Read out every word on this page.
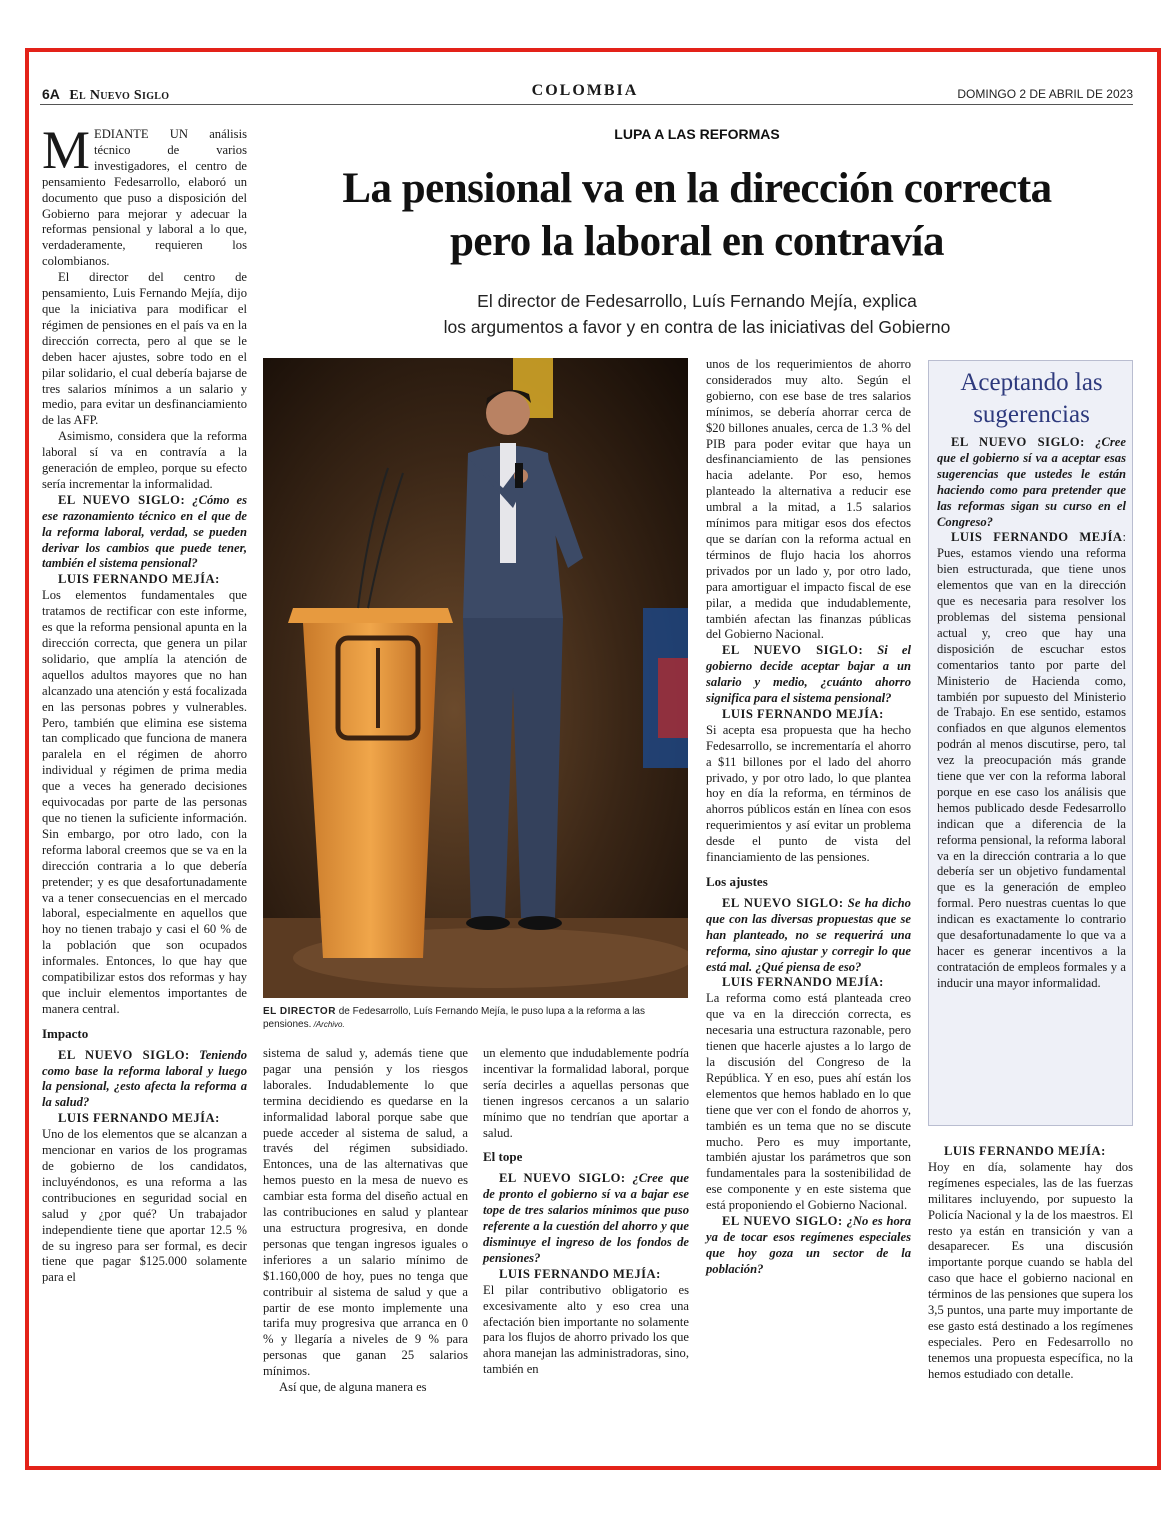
6A El Nuevo Siglo	COLOMBIA	DOMINGO 2 DE ABRIL DE 2023
LUPA A LAS REFORMAS
La pensional va en la dirección correcta
pero la laboral en contravía
El director de Fedesarrollo, Luís Fernando Mejía, explica
los argumentos a favor y en contra de las iniciativas del Gobierno

MEDIANTE UN análisis técnico de varios investigadores, el centro de pensamiento Fedesarrollo, elaboró un documento que puso a disposición del Gobierno para mejorar y adecuar la reformas pensional y laboral a lo que, verdaderamente, requieren los colombianos.

El director del centro de pensamiento, Luis Fernando Mejía, dijo que la iniciativa para modificar el régimen de pensiones en el país va en la dirección correcta, pero al que se le deben hacer ajustes, sobre todo en el pilar solidario, el cual debería bajarse de tres salarios mínimos a un salario y medio, para evitar un desfinanciamiento de las AFP.

Asimismo, considera que la reforma laboral sí va en contravía a la generación de empleo, porque su efecto sería incrementar la informalidad.

EL NUEVO SIGLO: ¿Cómo es ese razonamiento técnico en el que de la reforma laboral, verdad, se pueden derivar los cambios que puede tener, también el sistema pensional?

LUIS FERNANDO MEJÍA:

Los elementos fundamentales que tratamos de rectificar con este informe, es que la reforma pensional apunta en la dirección correcta, que genera un pilar solidario, que amplía la atención de aquellos adultos mayores que no han alcanzado una atención y está focalizada en las personas pobres y vulnerables. Pero, también que elimina ese sistema tan complicado que funciona de manera paralela en el régimen de ahorro individual y régimen de prima media que a veces ha generado decisiones equivocadas por parte de las personas que no tienen la suficiente información. Sin embargo, por otro lado, con la reforma laboral creemos que se va en la dirección contraria a lo que debería pretender; y es que desafortunadamente va a tener consecuencias en el mercado laboral, especialmente en aquellos que hoy no tienen trabajo y casi el 60 % de la población que son ocupados informales. Entonces, lo que hay que compatibilizar estos dos reformas y hay que incluir elementos importantes de manera central.

Impacto

EL NUEVO SIGLO: Teniendo como base la reforma laboral y luego la pensional, ¿esto afecta la reforma a la salud?

LUIS FERNANDO MEJÍA:

Uno de los elementos que se alcanzan a mencionar en varios de los programas de gobierno de los candidatos, incluyéndonos, es una reforma a las contribuciones en seguridad social en salud y ¿por qué? Un trabajador independiente tiene que aportar 12.5 % de su ingreso para ser formal, es decir tiene que pagar $125.000 solamente para el

EL DIRECTOR de Fedesarrollo, Luís Fernando Mejía, le puso lupa a la reforma a las pensiones. /Archivo.

sistema de salud y, además tiene que pagar una pensión y los riesgos laborales. Indudablemente lo que termina decidiendo es quedarse en la informalidad laboral porque sabe que puede acceder al sistema de salud, a través del régimen subsidiado. Entonces, una de las alternativas que hemos puesto en la mesa de nuevo es cambiar esta forma del diseño actual en las contribuciones en salud y plantear una estructura progresiva, en donde personas que tengan ingresos iguales o inferiores a un salario mínimo de $1.160,000 de hoy, pues no tenga que contribuir al sistema de salud y que a partir de ese monto implemente una tarifa muy progresiva que arranca en 0 % y llegaría a niveles de 9 % para personas que ganan 25 salarios mínimos.

Así que, de alguna manera es

un elemento que indudablemente podría incentivar la formalidad laboral, porque sería decirles a aquellas personas que tienen ingresos cercanos a un salario mínimo que no tendrían que aportar a salud.

El tope

EL NUEVO SIGLO: ¿Cree que de pronto el gobierno sí va a bajar ese tope de tres salarios mínimos que puso referente a la cuestión del ahorro y que disminuye el ingreso de los fondos de pensiones?

LUIS FERNANDO MEJÍA:

El pilar contributivo obligatorio es excesivamente alto y eso crea una afectación bien importante no solamente para los flujos de ahorro privado los que ahora manejan las administradoras, sino, también en

unos de los requerimientos de ahorro considerados muy alto. Según el gobierno, con ese base de tres salarios mínimos, se debería ahorrar cerca de $20 billones anuales, cerca de 1.3 % del PIB para poder evitar que haya un desfinanciamiento de las pensiones hacia adelante. Por eso, hemos planteado la alternativa a reducir ese umbral a la mitad, a 1.5 salarios mínimos para mitigar esos dos efectos que se darían con la reforma actual en términos de flujo hacia los ahorros privados por un lado y, por otro lado, para amortiguar el impacto fiscal de ese pilar, a medida que indudablemente, también afectan las finanzas públicas del Gobierno Nacional.

EL NUEVO SIGLO: Si el gobierno decide aceptar bajar a un salario y medio, ¿cuánto ahorro significa para el sistema pensional?

LUIS FERNANDO MEJÍA:

Si acepta esa propuesta que ha hecho Fedesarrollo, se incrementaría el ahorro a $11 billones por el lado del ahorro privado, y por otro lado, lo que plantea hoy en día la reforma, en términos de ahorros públicos están en línea con esos requerimientos y así evitar un problema desde el punto de vista del financiamiento de las pensiones.

Los ajustes

EL NUEVO SIGLO: Se ha dicho que con las diversas propuestas que se han planteado, no se requerirá una reforma, sino ajustar y corregir lo que está mal. ¿Qué piensa de eso?

LUIS FERNANDO MEJÍA:

La reforma como está planteada creo que va en la dirección correcta, es necesaria una estructura razonable, pero tienen que hacerle ajustes a lo largo de la discusión del Congreso de la República. Y en eso, pues ahí están los elementos que hemos hablado en lo que tiene que ver con el fondo de ahorros y, también es un tema que no se discute mucho. Pero es muy importante, también ajustar los parámetros que son fundamentales para la sostenibilidad de ese componente y en este sistema que está proponiendo el Gobierno Nacional.

EL NUEVO SIGLO: ¿No es hora ya de tocar esos regímenes especiales que hoy goza un sector de la población?

Aceptando las
sugerencias

EL NUEVO SIGLO: ¿Cree que el gobierno sí va a aceptar esas sugerencias que ustedes le están haciendo como para pretender que las reformas sigan su curso en el Congreso?

LUIS FERNANDO MEJÍA: Pues, estamos viendo una reforma bien estructurada, que tiene unos elementos que van en la dirección que es necesaria para resolver los problemas del sistema pensional actual y, creo que hay una disposición de escuchar estos comentarios tanto por parte del Ministerio de Hacienda como, también por supuesto del Ministerio de Trabajo. En ese sentido, estamos confiados en que algunos elementos podrán al menos discutirse, pero, tal vez la preocupación más grande tiene que ver con la reforma laboral porque en ese caso los análisis que hemos publicado desde Fedesarrollo indican que a diferencia de la reforma pensional, la reforma laboral va en la dirección contraria a lo que debería ser un objetivo fundamental que es la generación de empleo formal. Pero nuestras cuentas lo que indican es exactamente lo contrario que desafortunadamente lo que va a hacer es generar incentivos a la contratación de empleos formales y a inducir una mayor informalidad.

LUIS FERNANDO MEJÍA:

Hoy en día, solamente hay dos regímenes especiales, las de las fuerzas militares incluyendo, por supuesto la Policía Nacional y la de los maestros. El resto ya están en transición y van a desaparecer. Es una discusión importante porque cuando se habla del caso que hace el gobierno nacional en términos de las pensiones que supera los 3,5 puntos, una parte muy importante de ese gasto está destinado a los regímenes especiales. Pero en Fedesarrollo no tenemos una propuesta específica, no la hemos estudiado con detalle.
